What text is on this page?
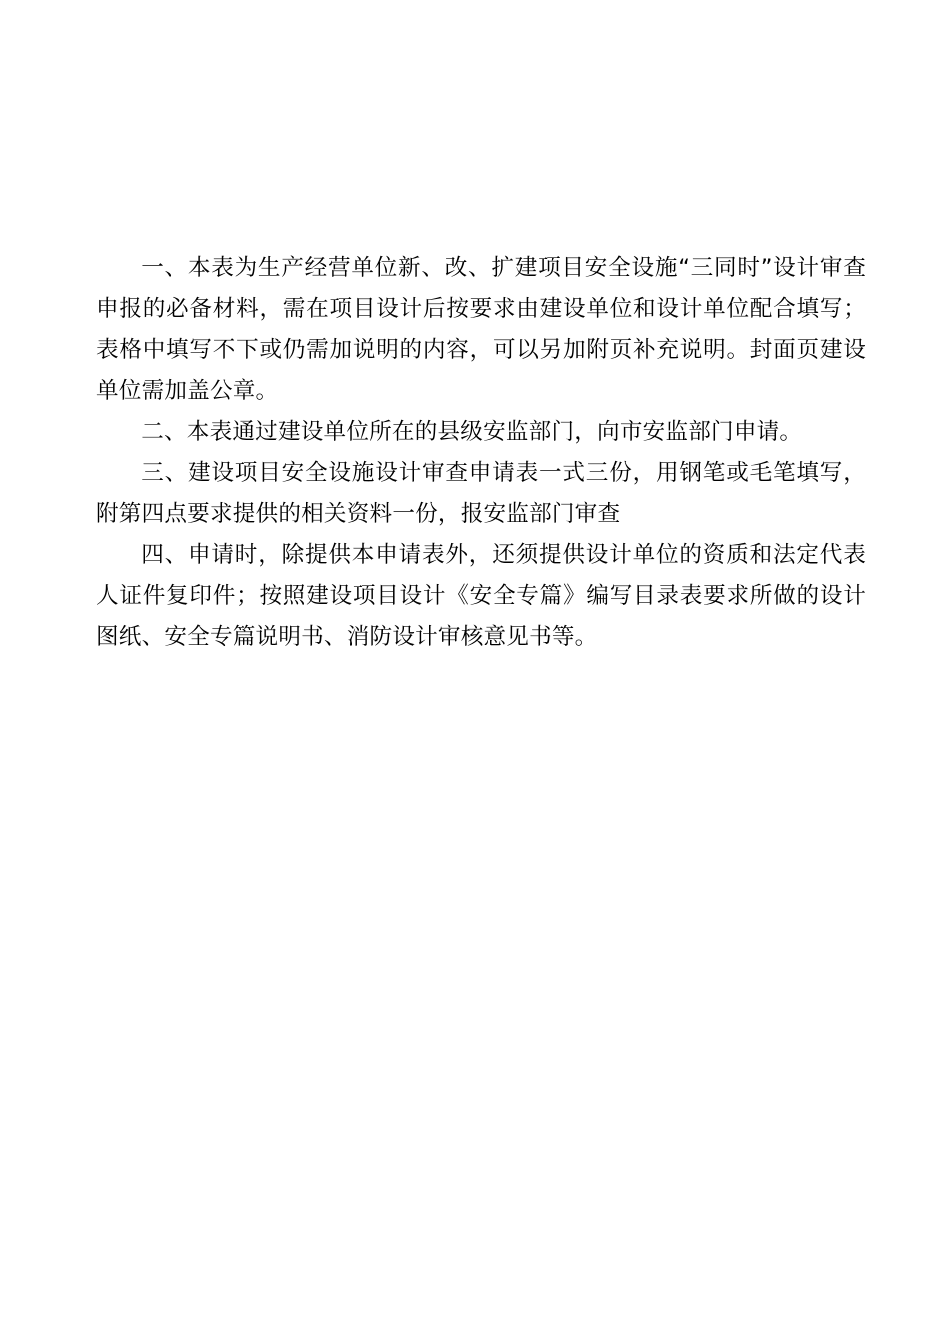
一、本表为生产经营单位新、改、扩建项目安全设施“三同时”设计审查申报的必备材料，需在项目设计后按要求由建设单位和设计单位配合填写；表格中填写不下或仍需加说明的内容，可以另加附页补充说明。封面页建设单位需加盖公章。

二、本表通过建设单位所在的县级安监部门，向市安监部门申请。

三、建设项目安全设施设计审查申请表一式三份，用钢笔或毛笔填写，附第四点要求提供的相关资料一份，报安监部门审查

四、申请时，除提供本申请表外，还须提供设计单位的资质和法定代表人证件复印件；按照建设项目设计《安全专篇》编写目录表要求所做的设计图纸、安全专篇说明书、消防设计审核意见书等。
